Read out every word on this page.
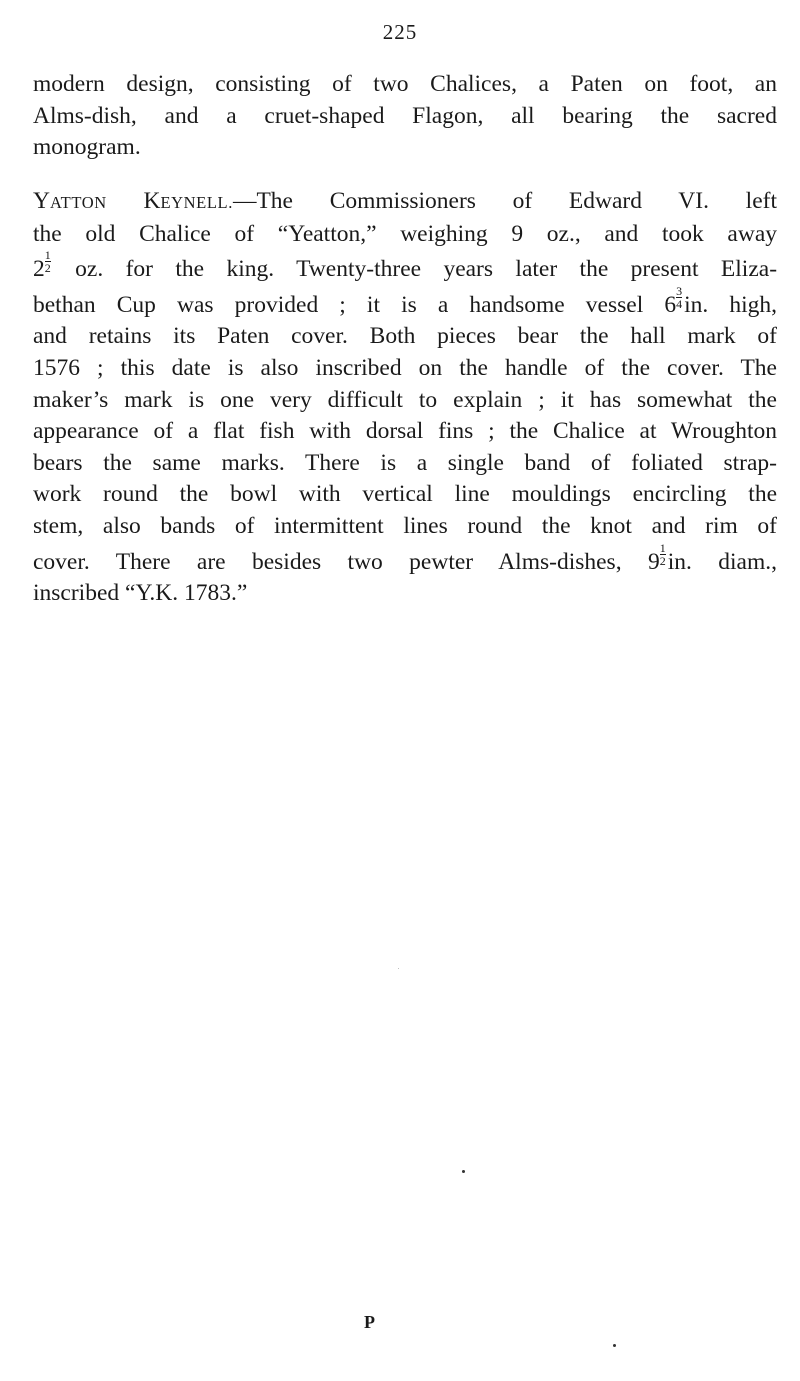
225
modern design, consisting of two Chalices, a Paten on foot, an
Alms-dish, and a cruet-shaped Flagon, all bearing the sacred
monogram.
YATTON KEYNELL.—The Commissioners of Edward VI. left
the old Chalice of “Yeatton,” weighing 9 oz., and took away
$2 \frac{1}{2}$ oz. for the king. Twenty-three years later the present Eliza-
bethan Cup was provided ; it is a handsome vessel $6 \frac{3}{4}$ in. high,
and retains its Paten cover. Both pieces bear the hall mark of
1576 ; this date is also inscribed on the handle of the cover. The
maker’s mark is one very difficult to explain ; it has somewhat the
appearance of a flat fish with dorsal fins ; the Chalice at Wroughton
bears the same marks. There is a single band of foliated strap-
work round the bowl with vertical line mouldings encircling the
stem, also bands of intermittent lines round the knot and rim of
cover. There are besides two pewter Alms-dishes, $9 \frac{1}{2}$ in. diam.,
inscribed “Y.K. 1783.”
P
